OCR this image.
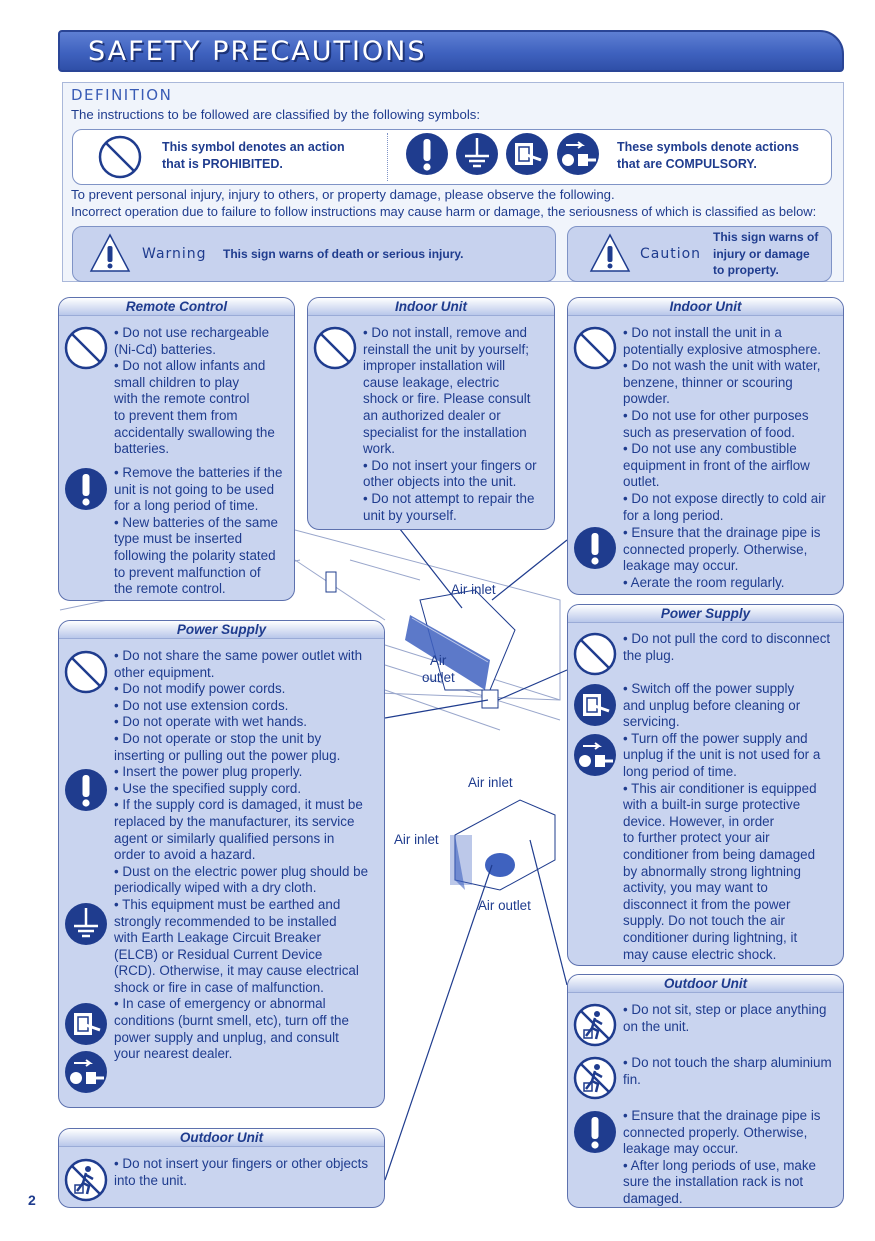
SAFETY PRECAUTIONS
DEFINITION
The instructions to be followed are classified by the following symbols:
This symbol denotes an action
that is PROHIBITED.
These symbols denote actions
that are COMPULSORY.
To prevent personal injury, injury to others, or property damage, please observe the following.
Incorrect operation due to failure to follow instructions may cause harm or damage, the seriousness of which is classified as below:
Warning This sign warns of death or serious injury.	Caution
This sign warns of
injury or damage
to property.
Air inlet
Air
outlet
Air inlet
Air inlet
Air outlet
Remote Control
• Do not use rechargeable
(Ni-Cd) batteries.
• Do not allow infants and
small children to play
with the remote control
to prevent them from
accidentally swallowing the
batteries.
• Remove the batteries if the
unit is not going to be used
for a long period of time.
• New batteries of the same
type must be inserted
following the polarity stated
to prevent malfunction of
the remote control.
Indoor Unit
• Do not install, remove and
reinstall the unit by yourself;
improper installation will
cause leakage, electric
shock or fire. Please consult
an authorized dealer or
specialist for the installation
work.
• Do not insert your fingers or
other objects into the unit.
• Do not attempt to repair the
unit by yourself.
Indoor Unit
• Do not install the unit in a
potentially explosive atmosphere.
• Do not wash the unit with water,
benzene, thinner or scouring
powder.
• Do not use for other purposes
such as preservation of food.
• Do not use any combustible
equipment in front of the airflow
outlet.
• Do not expose directly to cold air
for a long period.
• Ensure that the drainage pipe is
connected properly. Otherwise,
leakage may occur.
• Aerate the room regularly.
Power Supply
• Do not share the same power outlet with
other equipment.
• Do not modify power cords.
• Do not use extension cords.
• Do not operate with wet hands.
• Do not operate or stop the unit by
inserting or pulling out the power plug.
• Insert the power plug properly.
• Use the specified supply cord.
• If the supply cord is damaged, it must be
replaced by the manufacturer, its service
agent or similarly qualified persons in
order to avoid a hazard.
• Dust on the electric power plug should be
periodically wiped with a dry cloth.
• This equipment must be earthed and
strongly recommended to be installed
with Earth Leakage Circuit Breaker
(ELCB) or Residual Current Device
(RCD). Otherwise, it may cause electrical
shock or fire in case of malfunction.
• In case of emergency or abnormal
conditions (burnt smell, etc), turn off the
power supply and unplug, and consult
your nearest dealer.
Power Supply
• Do not pull the cord to disconnect
the plug.
• Switch off the power supply
and unplug before cleaning or
servicing.
• Turn off the power supply and
unplug if the unit is not used for a
long period of time.
• This air conditioner is equipped
with a built-in surge protective
device. However, in order
to further protect your air
conditioner from being damaged
by abnormally strong lightning
activity, you may want to
disconnect it from the power
supply. Do not touch the air
conditioner during lightning, it
may cause electric shock.
Outdoor Unit
• Do not insert your fingers or other objects
into the unit.
Outdoor Unit
• Do not sit, step or place anything
on the unit.
• Do not touch the sharp aluminium
fin.
• Ensure that the drainage pipe is
connected properly. Otherwise,
leakage may occur.
• After long periods of use, make
sure the installation rack is not
damaged.
2
